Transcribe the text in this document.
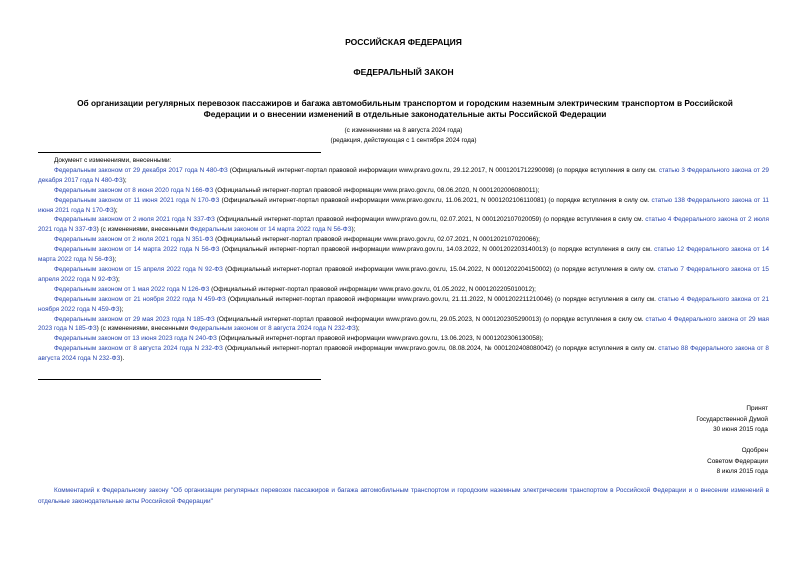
РОССИЙСКАЯ ФЕДЕРАЦИЯ
ФЕДЕРАЛЬНЫЙ ЗАКОН
Об организации регулярных перевозок пассажиров и багажа автомобильным транспортом и городским наземным электрическим транспортом в Российской Федерации и о внесении изменений в отдельные законодательные акты Российской Федерации
(с изменениями на 8 августа 2024 года)
(редакция, действующая с 1 сентября 2024 года)

Документ с изменениями, внесенными:

Федеральным законом от 29 декабря 2017 года N 480-ФЗ (Официальный интернет-портал правовой информации www.pravo.gov.ru, 29.12.2017, N 0001201712290098) (о порядке вступления в силу см. статью 3 Федерального закона от 29 декабря 2017 года N 480-ФЗ);

Федеральным законом от 8 июня 2020 года N 166-ФЗ (Официальный интернет-портал правовой информации www.pravo.gov.ru, 08.06.2020, N 0001202006080011);

Федеральным законом от 11 июня 2021 года N 170-ФЗ (Официальный интернет-портал правовой информации www.pravo.gov.ru, 11.06.2021, N 0001202106110081) (о порядке вступления в силу см. статью 138 Федерального закона от 11 июня 2021 года N 170-ФЗ);

Федеральным законом от 2 июля 2021 года N 337-ФЗ (Официальный интернет-портал правовой информации www.pravo.gov.ru, 02.07.2021, N 0001202107020059) (о порядке вступления в силу см. статью 4 Федерального закона от 2 июля 2021 года N 337-ФЗ) (с изменениями, внесенными Федеральным законом от 14 марта 2022 года N 56-ФЗ);

Федеральным законом от 2 июля 2021 года N 351-ФЗ (Официальный интернет-портал правовой информации www.pravo.gov.ru, 02.07.2021, N 0001202107020066);

Федеральным законом от 14 марта 2022 года N 56-ФЗ (Официальный интернет-портал правовой информации www.pravo.gov.ru, 14.03.2022, N 0001202203140013) (о порядке вступления в силу см. статью 12 Федерального закона от 14 марта 2022 года N 56-ФЗ);

Федеральным законом от 15 апреля 2022 года N 92-ФЗ (Официальный интернет-портал правовой информации www.pravo.gov.ru, 15.04.2022, N 0001202204150002) (о порядке вступления в силу см. статью 7 Федерального закона от 15 апреля 2022 года N 92-ФЗ);

Федеральным законом от 1 мая 2022 года N 126-ФЗ (Официальный интернет-портал правовой информации www.pravo.gov.ru, 01.05.2022, N 0001202205010012);

Федеральным законом от 21 ноября 2022 года N 459-ФЗ (Официальный интернет-портал правовой информации www.pravo.gov.ru, 21.11.2022, N 0001202211210046) (о порядке вступления в силу см. статью 4 Федерального закона от 21 ноября 2022 года N 459-ФЗ);

Федеральным законом от 29 мая 2023 года N 185-ФЗ (Официальный интернет-портал правовой информации www.pravo.gov.ru, 29.05.2023, N 0001202305290013) (о порядке вступления в силу см. статью 4 Федерального закона от 29 мая 2023 года N 185-ФЗ) (с изменениями, внесенными Федеральным законом от 8 августа 2024 года N 232-ФЗ);

Федеральным законом от 13 июня 2023 года N 240-ФЗ (Официальный интернет-портал правовой информации www.pravo.gov.ru, 13.06.2023, N 0001202306130058);

Федеральным законом от 8 августа 2024 года N 232-ФЗ (Официальный интернет-портал правовой информации www.pravo.gov.ru, 08.08.2024, № 0001202408080042) (о порядке вступления в силу см. статью 88 Федерального закона от 8 августа 2024 года N 232-ФЗ).

Принят
Государственной Думой
30 июня 2015 года
Одобрен
Советом Федерации
8 июля 2015 года
Комментарий к Федеральному закону "Об организации регулярных перевозок пассажиров и багажа автомобильным транспортом и городским наземным электрическим транспортом в Российской Федерации и о внесении изменений в отдельные законодательные акты Российской Федерации"
